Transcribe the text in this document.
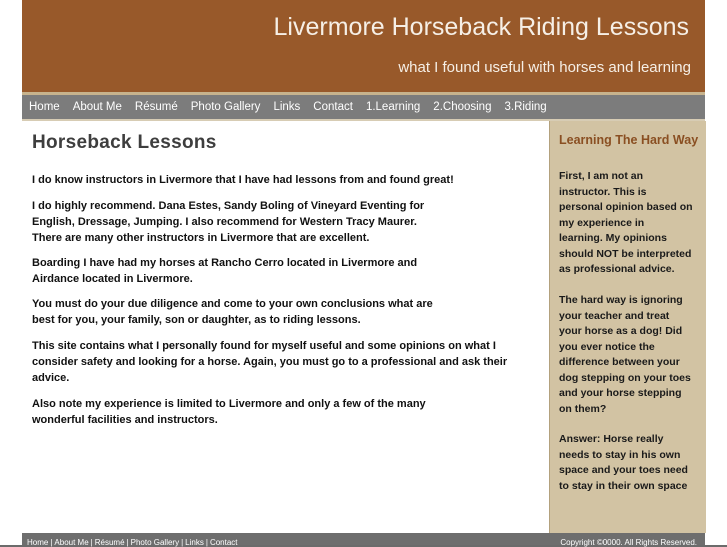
Livermore Horseback Riding Lessons
what I found useful with horses and learning
Home	About Me	Résumé	Photo Gallery	Links	Contact	1.Learning	2.Choosing	3.Riding
Horseback Lessons

I do know instructors in Livermore that I have had lessons from and found great!

I do highly recommend. Dana Estes, Sandy Boling of Vineyard Eventing for
English, Dressage, Jumping. I also recommend for Western Tracy Maurer.
There are many other instructors in Livermore that are excellent.

Boarding I have had my horses at Rancho Cerro located in Livermore and
Airdance located in Livermore.

You must do your due diligence and come to your own conclusions what are
best for you, your family, son or daughter, as to riding lessons.

This site contains what I personally found for myself useful and some opinions on what I
consider safety and looking for a horse. Again, you must go to a professional and ask their
advice.

Also note my experience is limited to Livermore and only a few of the many
wonderful facilities and instructors.

Learning The Hard Way

First, I am not an
instructor. This is
personal opinion based on
my experience in
learning. My opinions
should NOT be interpreted
as professional advice.

The hard way is ignoring
your teacher and treat
your horse as a dog! Did
you ever notice the
difference between your
dog stepping on your toes
and your horse stepping
on them?

Answer: Horse really
needs to stay in his own
space and your toes need
to stay in their own space

Home | About Me | Résumé | Photo Gallery | Links | Contact	Copyright ©0000. All Rights Reserved.
